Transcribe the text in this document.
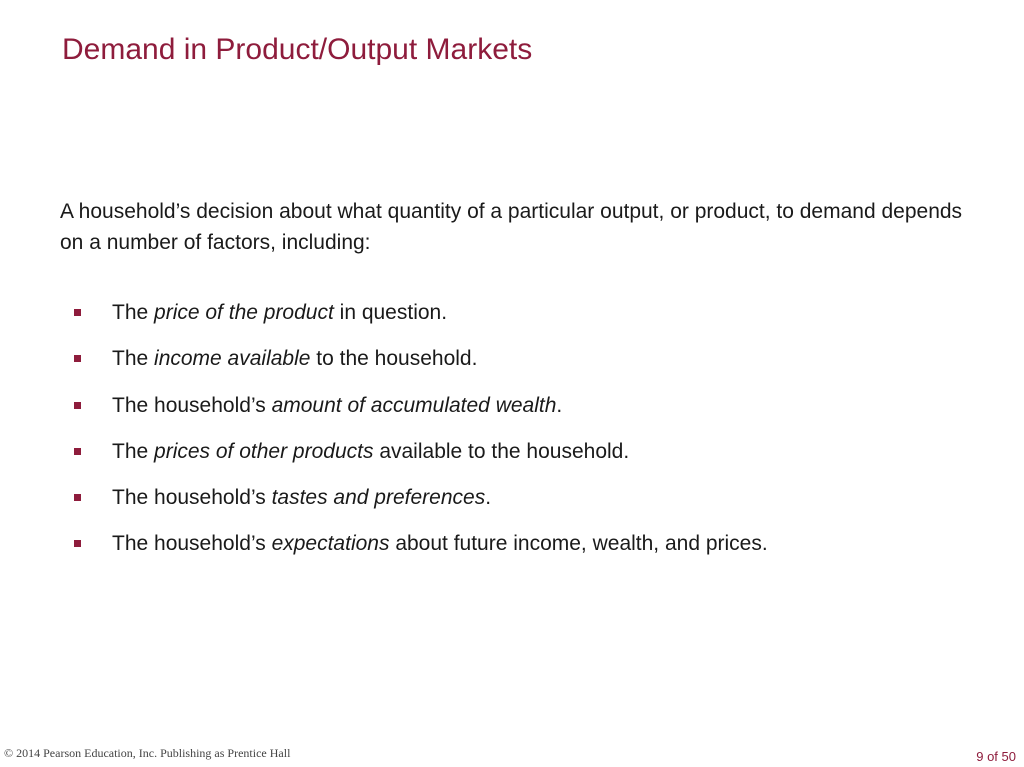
Demand in Product/Output Markets

A household’s decision about what quantity of a particular output, or product, to demand depends on a number of factors, including:

The price of the product in question.
The income available to the household.
The household’s amount of accumulated wealth.
The prices of other products available to the household.
The household’s tastes and preferences.
The household’s expectations about future income, wealth, and prices.
© 2014 Pearson Education, Inc. Publishing as Prentice Hall	9 of 50
